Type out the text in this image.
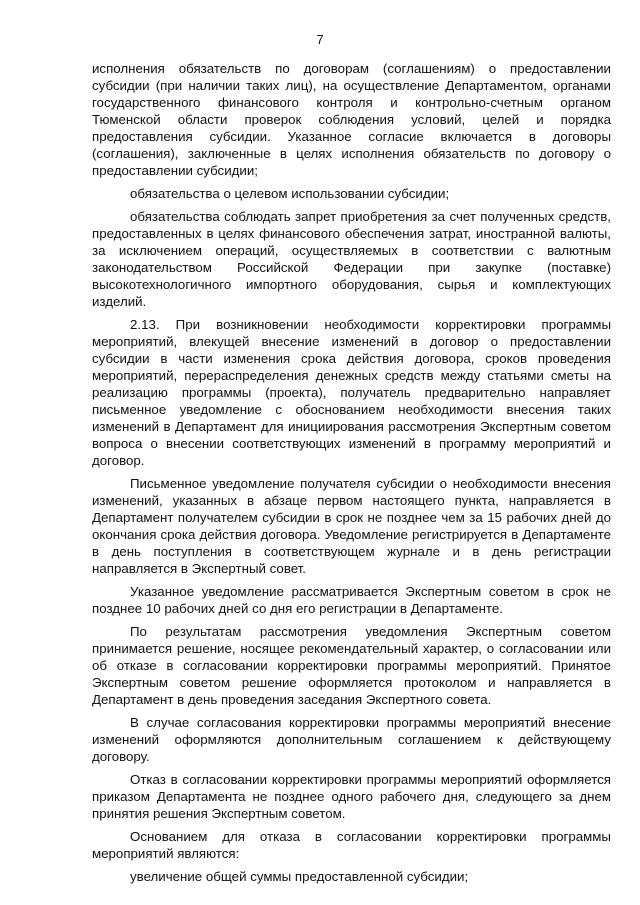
7

исполнения обязательств по договорам (соглашениям) о предоставлении субсидии (при наличии таких лиц), на осуществление Департаментом, органами государственного финансового контроля и контрольно-счетным органом Тюменской области проверок соблюдения условий, целей и порядка предоставления субсидии. Указанное согласие включается в договоры (соглашения), заключенные в целях исполнения обязательств по договору о предоставлении субсидии;

обязательства о целевом использовании субсидии;

обязательства соблюдать запрет приобретения за счет полученных средств, предоставленных в целях финансового обеспечения затрат, иностранной валюты, за исключением операций, осуществляемых в соответствии с валютным законодательством Российской Федерации при закупке (поставке) высокотехнологичного импортного оборудования, сырья и комплектующих изделий.

2.13. При возникновении необходимости корректировки программы мероприятий, влекущей внесение изменений в договор о предоставлении субсидии в части изменения срока действия договора, сроков проведения мероприятий, перераспределения денежных средств между статьями сметы на реализацию программы (проекта), получатель предварительно направляет письменное уведомление с обоснованием необходимости внесения таких изменений в Департамент для инициирования рассмотрения Экспертным советом вопроса о внесении соответствующих изменений в программу мероприятий и договор.

Письменное уведомление получателя субсидии о необходимости внесения изменений, указанных в абзаце первом настоящего пункта, направляется в Департамент получателем субсидии в срок не позднее чем за 15 рабочих дней до окончания срока действия договора. Уведомление регистрируется в Департаменте в день поступления в соответствующем журнале и в день регистрации направляется в Экспертный совет.

Указанное уведомление рассматривается Экспертным советом в срок не позднее 10 рабочих дней со дня его регистрации в Департаменте.

По результатам рассмотрения уведомления Экспертным советом принимается решение, носящее рекомендательный характер, о согласовании или об отказе в согласовании корректировки программы мероприятий. Принятое Экспертным советом решение оформляется протоколом и направляется в Департамент в день проведения заседания Экспертного совета.

В случае согласования корректировки программы мероприятий внесение изменений оформляются дополнительным соглашением к действующему договору.

Отказ в согласовании корректировки программы мероприятий оформляется приказом Департамента не позднее одного рабочего дня, следующего за днем принятия решения Экспертным советом.

Основанием для отказа в согласовании корректировки программы мероприятий являются:

увеличение общей суммы предоставленной субсидии;
